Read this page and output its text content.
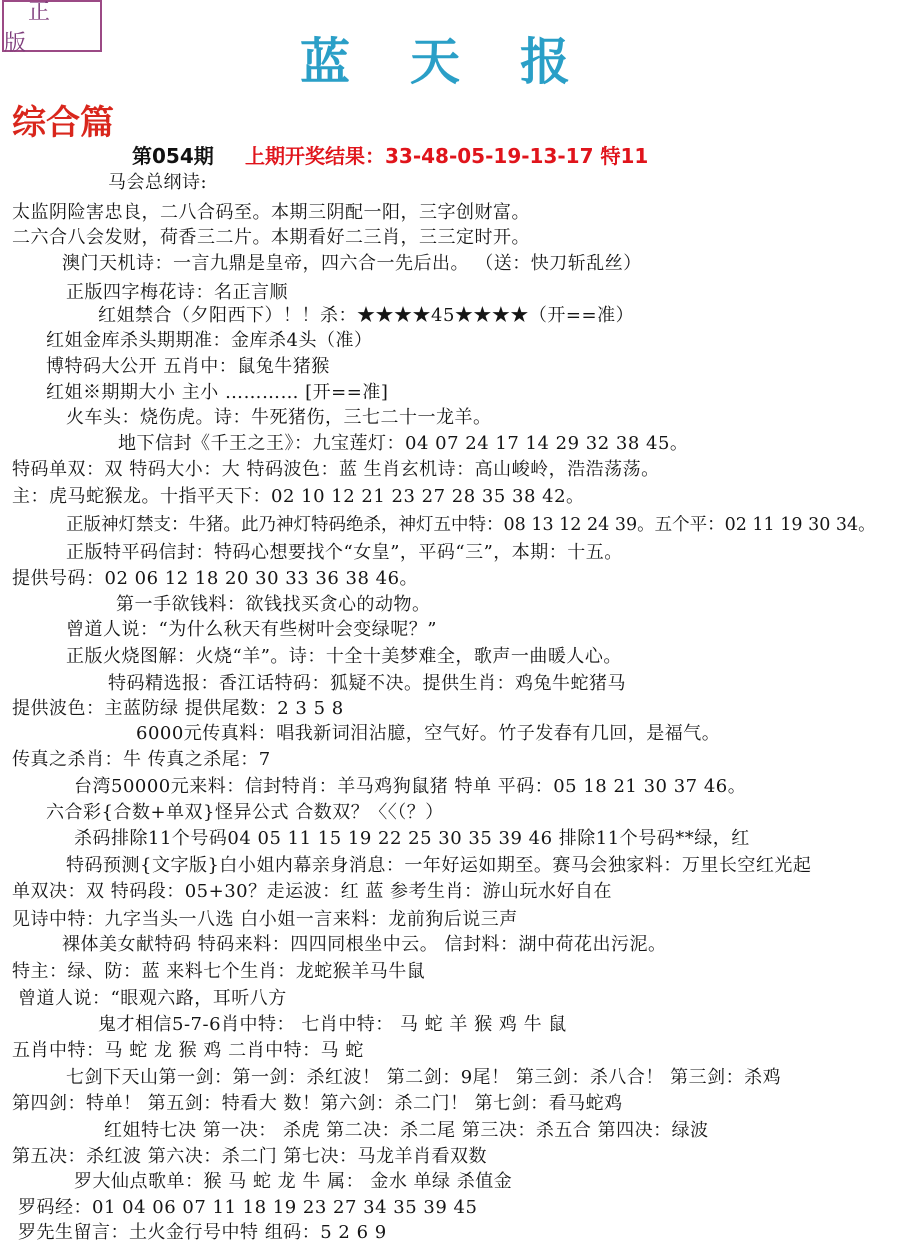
正 版	蓝天报
综合篇
第054期 上期开奖结果：33-48-05-19-13-17 特11
马会总纲诗:
太监阴险害忠良，二八合码至。本期三阴配一阳，三字创财富。
二六合八会发财，荷香三二片。本期看好二三肖，三三定时开。
澳门天机诗：一言九鼎是皇帝，四六合一先后出。 （送：快刀斩乱丝）
正版四字梅花诗：名正言顺
红姐禁合（夕阳西下）！！杀：★★★★45★★★★（开==准）
红姐金库杀头期期准：金库杀4头（准）
博特码大公开 五肖中：鼠兔牛猪猴
红姐※期期大小 主小 ………… [开==准]
火车头：烧伤虎。诗：牛死猪伤，三七二十一龙羊。
地下信封《千王之王》：九宝莲灯：04 07 24 17 14 29 32 38 45。
特码单双：双 特码大小：大 特码波色：蓝 生肖玄机诗：高山峻岭，浩浩荡荡。
主：虎马蛇猴龙。十指平天下：02 10 12 21 23 27 28 35 38 42。
正版神灯禁支：牛猪。此乃神灯特码绝杀，神灯五中特：08 13 12 24 39。五个平：02 11 19 30 34。
正版特平码信封：特码心想要找个“女皇”，平码“三”，本期：十五。
提供号码：02 06 12 18 20 30 33 36 38 46。
第一手欲钱料：欲钱找买贪心的动物。
曾道人说：“为什么秋天有些树叶会变绿呢？”
正版火烧图解：火烧“羊”。诗：十全十美梦难全，歌声一曲暖人心。
特码精选报：香江话特码：狐疑不决。提供生肖：鸡兔牛蛇猪马
提供波色：主蓝防绿 提供尾数：2 3 5 8
6000元传真料：唱我新词泪沾臆，空气好。竹子发春有几回，是福气。
传真之杀肖：牛 传真之杀尾：7
台湾50000元来料：信封特肖：羊马鸡狗鼠猪 特单 平码：05 18 21 30 37 46。
六合彩{合数+单双}怪异公式 合数双？〈〈（？）
杀码排除11个号码04 05 11 15 19 22 25 30 35 39 46 排除11个号码**绿，红
特码预测{文字版}白小姐内幕亲身消息：一年好运如期至。赛马会独家料：万里长空红光起
单双决：双 特码段：05+30？走运波：红 蓝 参考生肖：游山玩水好自在
见诗中特：九字当头一八选 白小姐一言来料：龙前狗后说三声
裸体美女献特码 特码来料：四四同根坐中云。 信封料：湖中荷花出污泥。
特主：绿、防：蓝 来料七个生肖：龙蛇猴羊马牛鼠
曾道人说：“眼观六路，耳听八方
鬼才相信5-7-6肖中特： 七肖中特： 马 蛇 羊 猴 鸡 牛 鼠
五肖中特：马 蛇 龙 猴 鸡 二肖中特：马 蛇
七剑下天山第一剑：第一剑：杀红波！ 第二剑：9尾！ 第三剑：杀八合！ 第三剑：杀鸡
第四剑：特单！ 第五剑：特看大 数！第六剑：杀二门！ 第七剑：看马蛇鸡
红姐特七决 第一决： 杀虎 第二决：杀二尾 第三决：杀五合 第四决：绿波
第五决：杀红波 第六决：杀二门 第七决：马龙羊肖看双数
罗大仙点歌单：猴 马 蛇 龙 牛 属： 金水 单绿 杀值金
罗码经：01 04 06 07 11 18 19 23 27 34 35 39 45
罗先生留言：土火金行号中特 组码：5 2 6 9
